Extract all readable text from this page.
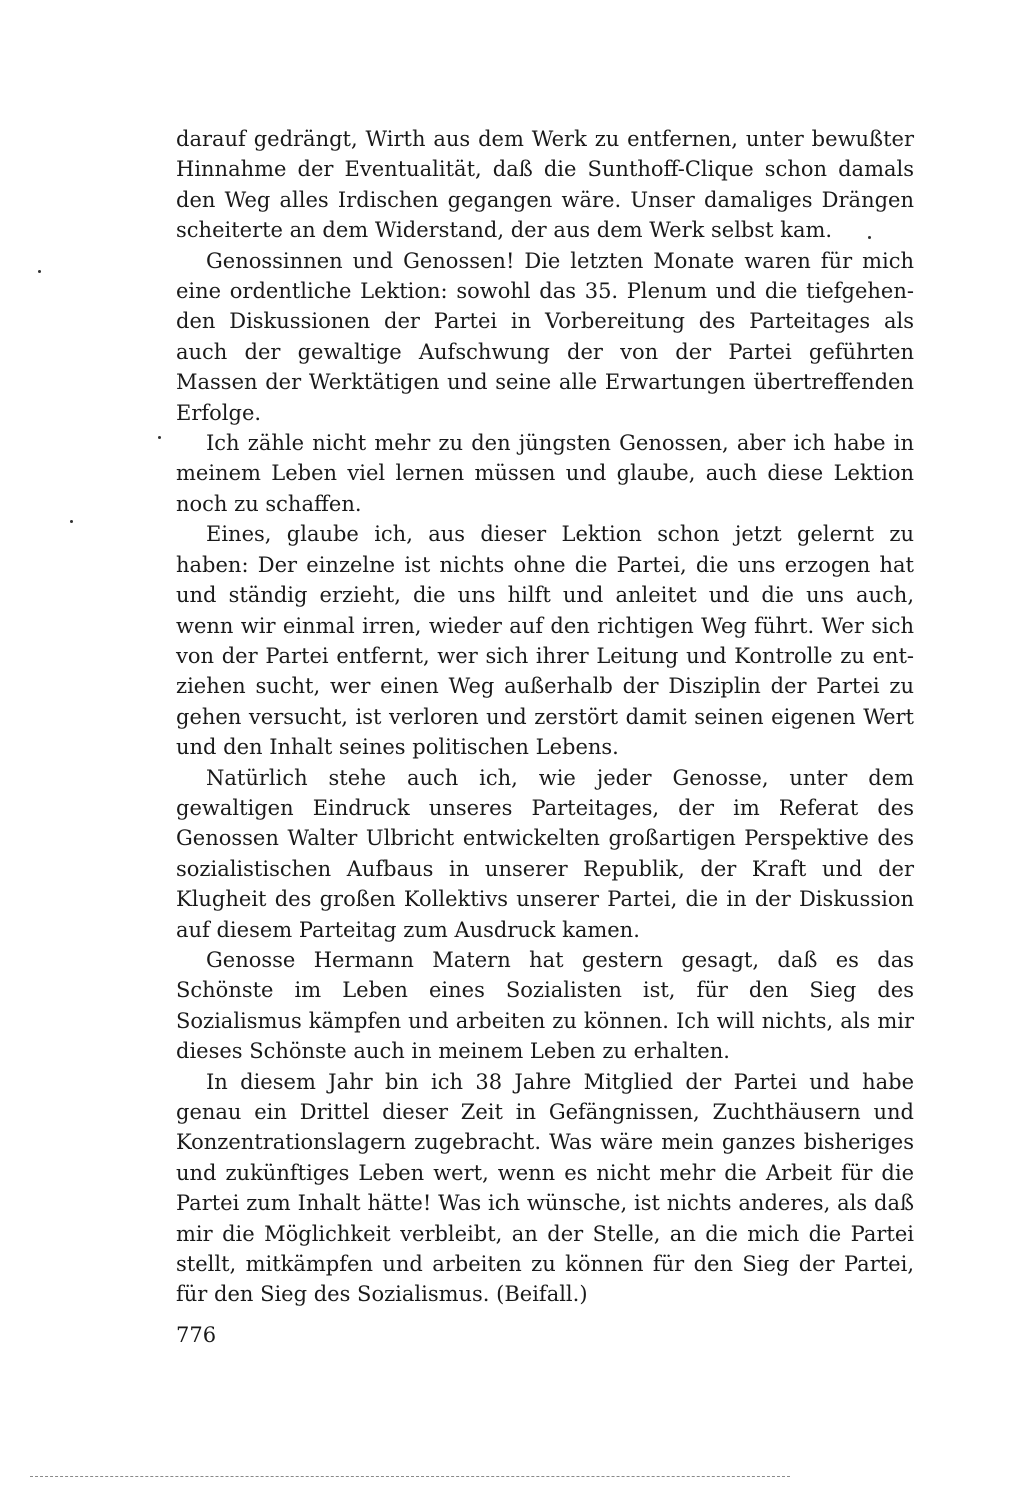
darauf gedrängt, Wirth aus dem Werk zu entfernen, unter bewußter Hinnahme der Eventualität, daß die Sunthoff-Clique schon damals den Weg alles Irdischen gegangen wäre. Unser damaliges Drängen scheiterte an dem Widerstand, der aus dem Werk selbst kam.

Genossinnen und Genossen! Die letzten Monate waren für mich eine ordentliche Lektion: sowohl das 35. Plenum und die tiefgehenden Diskussionen der Partei in Vorbereitung des Parteitages als auch der gewaltige Aufschwung der von der Partei geführten Massen der Werktätigen und seine alle Erwartungen übertreffenden Erfolge.

Ich zähle nicht mehr zu den jüngsten Genossen, aber ich habe in meinem Leben viel lernen müssen und glaube, auch diese Lektion noch zu schaffen.

Eines, glaube ich, aus dieser Lektion schon jetzt gelernt zu haben: Der einzelne ist nichts ohne die Partei, die uns erzogen hat und ständig erzieht, die uns hilft und anleitet und die uns auch, wenn wir einmal irren, wieder auf den richtigen Weg führt. Wer sich von der Partei entfernt, wer sich ihrer Leitung und Kontrolle zu entziehen sucht, wer einen Weg außerhalb der Disziplin der Partei zu gehen versucht, ist verloren und zerstört damit seinen eigenen Wert und den Inhalt seines politischen Lebens.

Natürlich stehe auch ich, wie jeder Genosse, unter dem gewaltigen Eindruck unseres Parteitages, der im Referat des Genossen Walter Ulbricht entwickelten großartigen Perspektive des sozialistischen Aufbaus in unserer Republik, der Kraft und der Klugheit des großen Kollektivs unserer Partei, die in der Diskussion auf diesem Parteitag zum Ausdruck kamen.

Genosse Hermann Matern hat gestern gesagt, daß es das Schönste im Leben eines Sozialisten ist, für den Sieg des Sozialismus kämpfen und arbeiten zu können. Ich will nichts, als mir dieses Schönste auch in meinem Leben zu erhalten.

In diesem Jahr bin ich 38 Jahre Mitglied der Partei und habe genau ein Drittel dieser Zeit in Gefängnissen, Zuchthäusern und Konzentrationslagern zugebracht. Was wäre mein ganzes bisheriges und zukünftiges Leben wert, wenn es nicht mehr die Arbeit für die Partei zum Inhalt hätte! Was ich wünsche, ist nichts anderes, als daß mir die Möglichkeit verbleibt, an der Stelle, an die mich die Partei stellt, mitkämpfen und arbeiten zu können für den Sieg der Partei, für den Sieg des Sozialismus. (Beifall.)

776
